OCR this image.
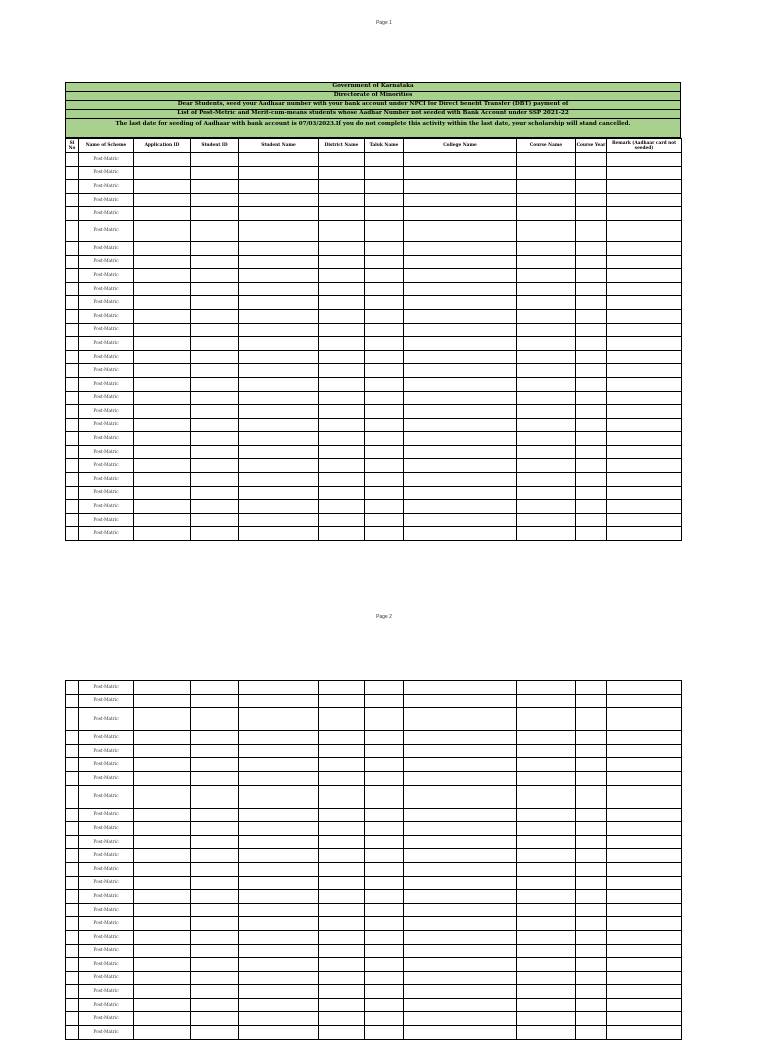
Page 1
Government of Karnataka
Directorate of Minorities
Dear Students, seed your Aadhaar number with your bank account under NPCI for Direct benefit Transfer (DBT) payment of
List of Post-Metric and Merit-cum-means students whose Aadhar Number not seeded with Bank Account under SSP 2021-22
The last date for seeding of Aadhaar with bank account is 07/03/2023.If you do not complete this activity within the last date, your scholarship will stand cancelled.
Sl No	Name of Scheme	Application ID	Student ID	Student Name	District Name	Taluk Name	College Name	Course Name	Course Year	Remark (Aadhaar card not seeded)
	Post-Matric									
	Post-Matric									
	Post-Matric									
	Post-Matric									
	Post-Matric									
	Post-Matric									
	Post-Matric									
	Post-Matric									
	Post-Matric									
	Post-Matric									
	Post-Matric									
	Post-Matric									
	Post-Matric									
	Post-Matric									
	Post-Matric									
	Post-Matric									
	Post-Matric									
	Post-Matric									
	Post-Matric									
	Post-Matric									
	Post-Matric									
	Post-Matric									
	Post-Matric									
	Post-Matric									
	Post-Matric									
	Post-Matric									
	Post-Matric									
	Post-Matric									
Page 2
	Post-Matric									
	Post-Matric									
	Post-Matric									
	Post-Matric									
	Post-Matric									
	Post-Matric									
	Post-Matric									
	Post-Matric									
	Post-Matric									
	Post-Matric									
	Post-Matric									
	Post-Matric									
	Post-Matric									
	Post-Matric									
	Post-Matric									
	Post-Matric									
	Post-Matric									
	Post-Matric									
	Post-Matric									
	Post-Matric									
	Post-Matric									
	Post-Matric									
	Post-Matric									
	Post-Matric									
	Post-Matric									
